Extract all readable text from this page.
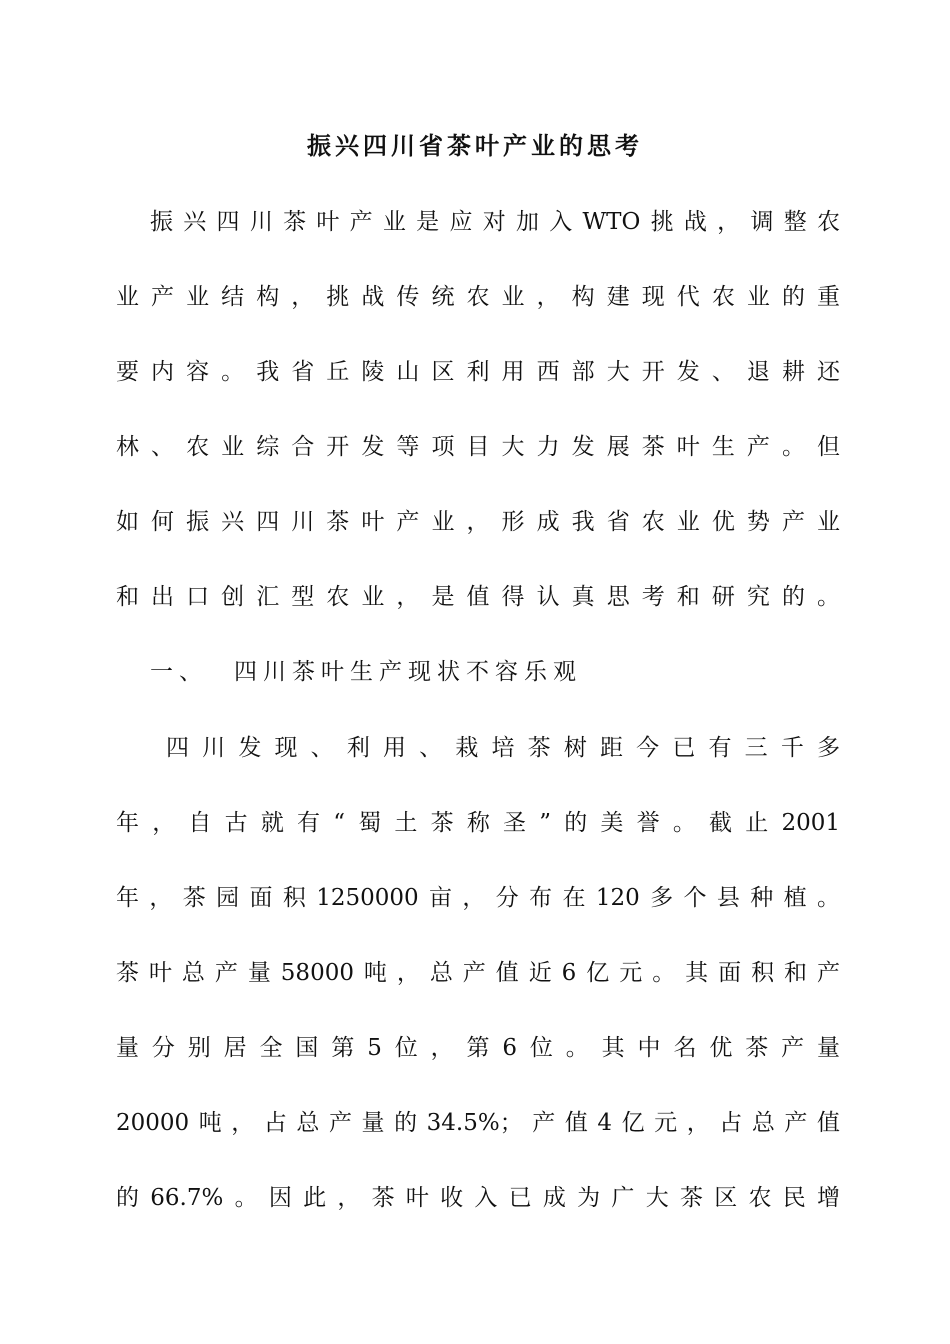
振兴四川省茶叶产业的思考
振兴四川茶叶产业是应对加入WTO挑战，调整农
业产业结构，挑战传统农业，构建现代农业的重
要内容。我省丘陵山区利用西部大开发、退耕还
林、农业综合开发等项目大力发展茶叶生产。但
如何振兴四川茶叶产业，形成我省农业优势产业
和出口创汇型农业，是值得认真思考和研究的。
一、 四川茶叶生产现状不容乐观
四川发现、利用、栽培茶树距今已有三千多
年，自古就有“蜀土茶称圣”的美誉。截止2001
年，茶园面积1250000亩，分布在120多个县种植。
茶叶总产量58000吨，总产值近6亿元。其面积和产
量分别居全国第5位，第6位。其中名优茶产量
20000吨，占总产量的34.5%；产值4亿元，占总产值
的66.7%。因此，茶叶收入已成为广大茶区农民增
